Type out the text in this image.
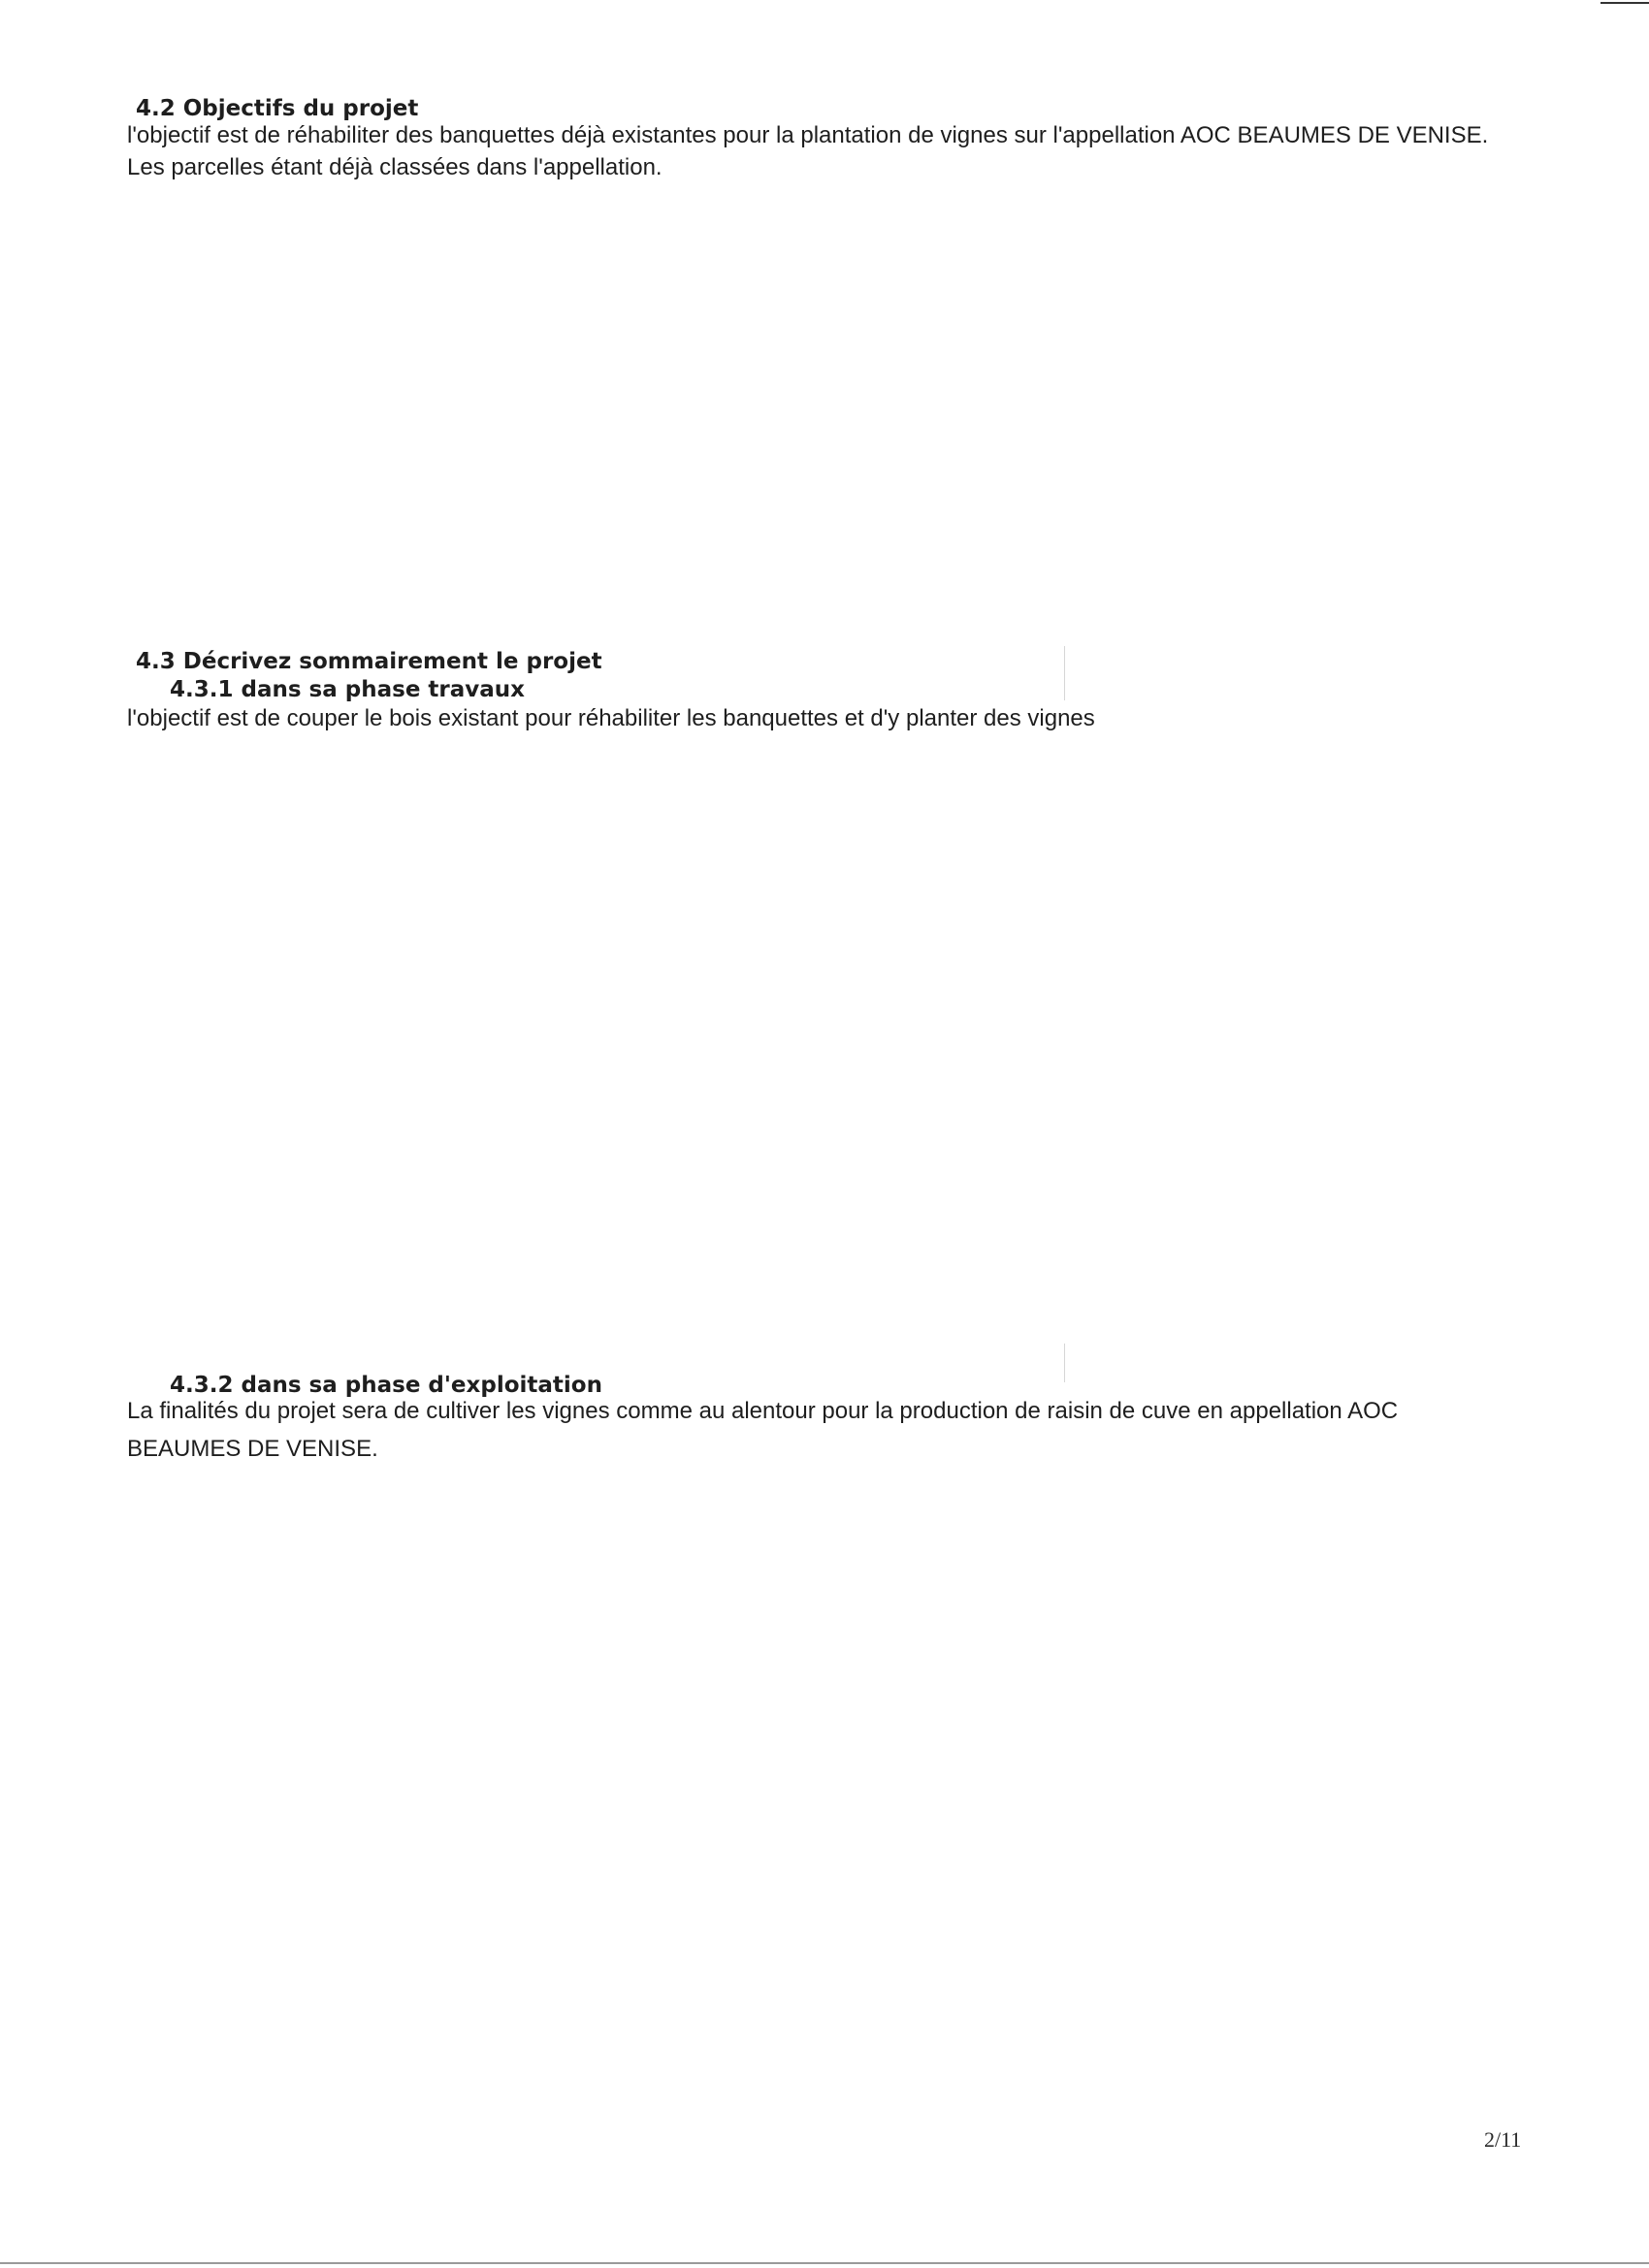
4.2 Objectifs du projet
l'objectif est de réhabiliter des banquettes déjà existantes pour la plantation de vignes sur l'appellation AOC BEAUMES DE VENISE.
Les parcelles étant déjà classées dans l'appellation.
4.3 Décrivez sommairement le projet
4.3.1 dans sa phase travaux
l'objectif est de couper le bois existant pour réhabiliter les banquettes et d'y planter des vignes
4.3.2 dans sa phase d'exploitation
La finalités du projet sera de cultiver les vignes comme au alentour pour la production de raisin de cuve en appellation AOC
BEAUMES DE VENISE.
2/11
